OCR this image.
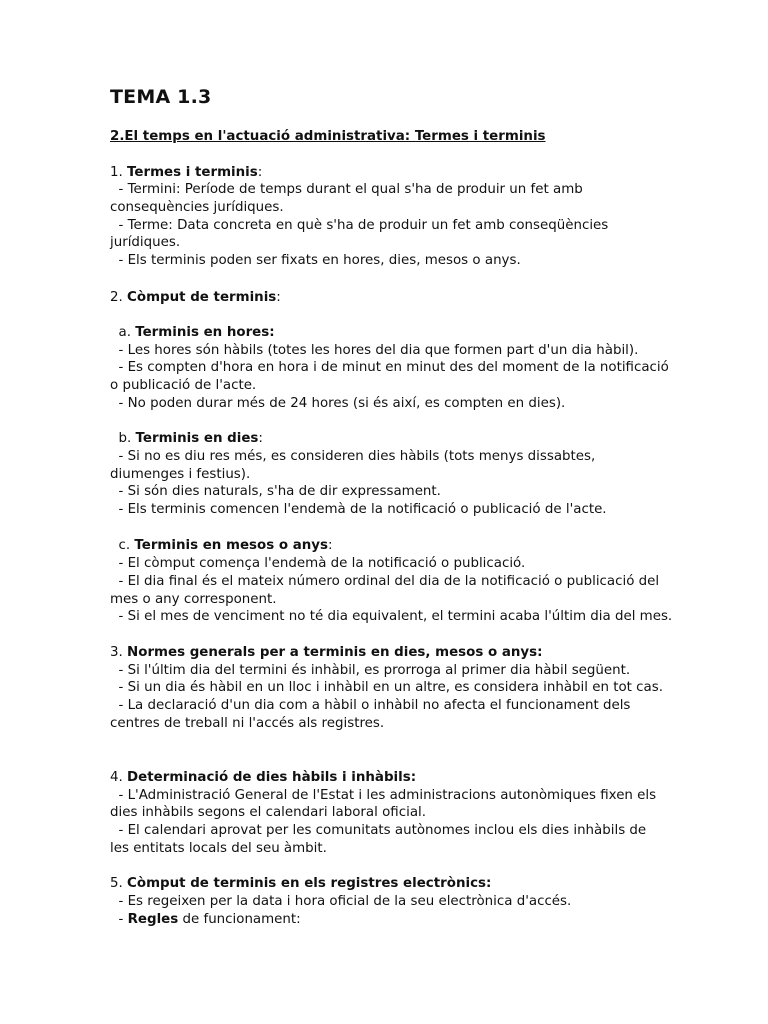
TEMA 1.3
2.El temps en l'actuació administrativa: Termes i terminis
1. Termes i terminis:
- Termini: Període de temps durant el qual s'ha de produir un fet amb
consequències jurídiques.
- Terme: Data concreta en què s'ha de produir un fet amb conseqüències
jurídiques.
- Els terminis poden ser fixats en hores, dies, mesos o anys.
2. Còmput de terminis:
a. Terminis en hores:
- Les hores són hàbils (totes les hores del dia que formen part d'un dia hàbil).
- Es compten d'hora en hora i de minut en minut des del moment de la notificació
o publicació de l'acte.
- No poden durar més de 24 hores (si és així, es compten en dies).
b. Terminis en dies:
- Si no es diu res més, es consideren dies hàbils (tots menys dissabtes,
diumenges i festius).
- Si són dies naturals, s'ha de dir expressament.
- Els terminis comencen l'endemà de la notificació o publicació de l'acte.
c. Terminis en mesos o anys:
- El còmput comença l'endemà de la notificació o publicació.
- El dia final és el mateix número ordinal del dia de la notificació o publicació del
mes o any corresponent.
- Si el mes de venciment no té dia equivalent, el termini acaba l'últim dia del mes.
3. Normes generals per a terminis en dies, mesos o anys:
- Si l'últim dia del termini és inhàbil, es prorroga al primer dia hàbil següent.
- Si un dia és hàbil en un lloc i inhàbil en un altre, es considera inhàbil en tot cas.
- La declaració d'un dia com a hàbil o inhàbil no afecta el funcionament dels
centres de treball ni l'accés als registres.
4. Determinació de dies hàbils i inhàbils:
- L'Administració General de l'Estat i les administracions autonòmiques fixen els
dies inhàbils segons el calendari laboral oficial.
- El calendari aprovat per les comunitats autònomes inclou els dies inhàbils de
les entitats locals del seu àmbit.
5. Còmput de terminis en els registres electrònics:
- Es regeixen per la data i hora oficial de la seu electrònica d'accés.
- Regles de funcionament:
